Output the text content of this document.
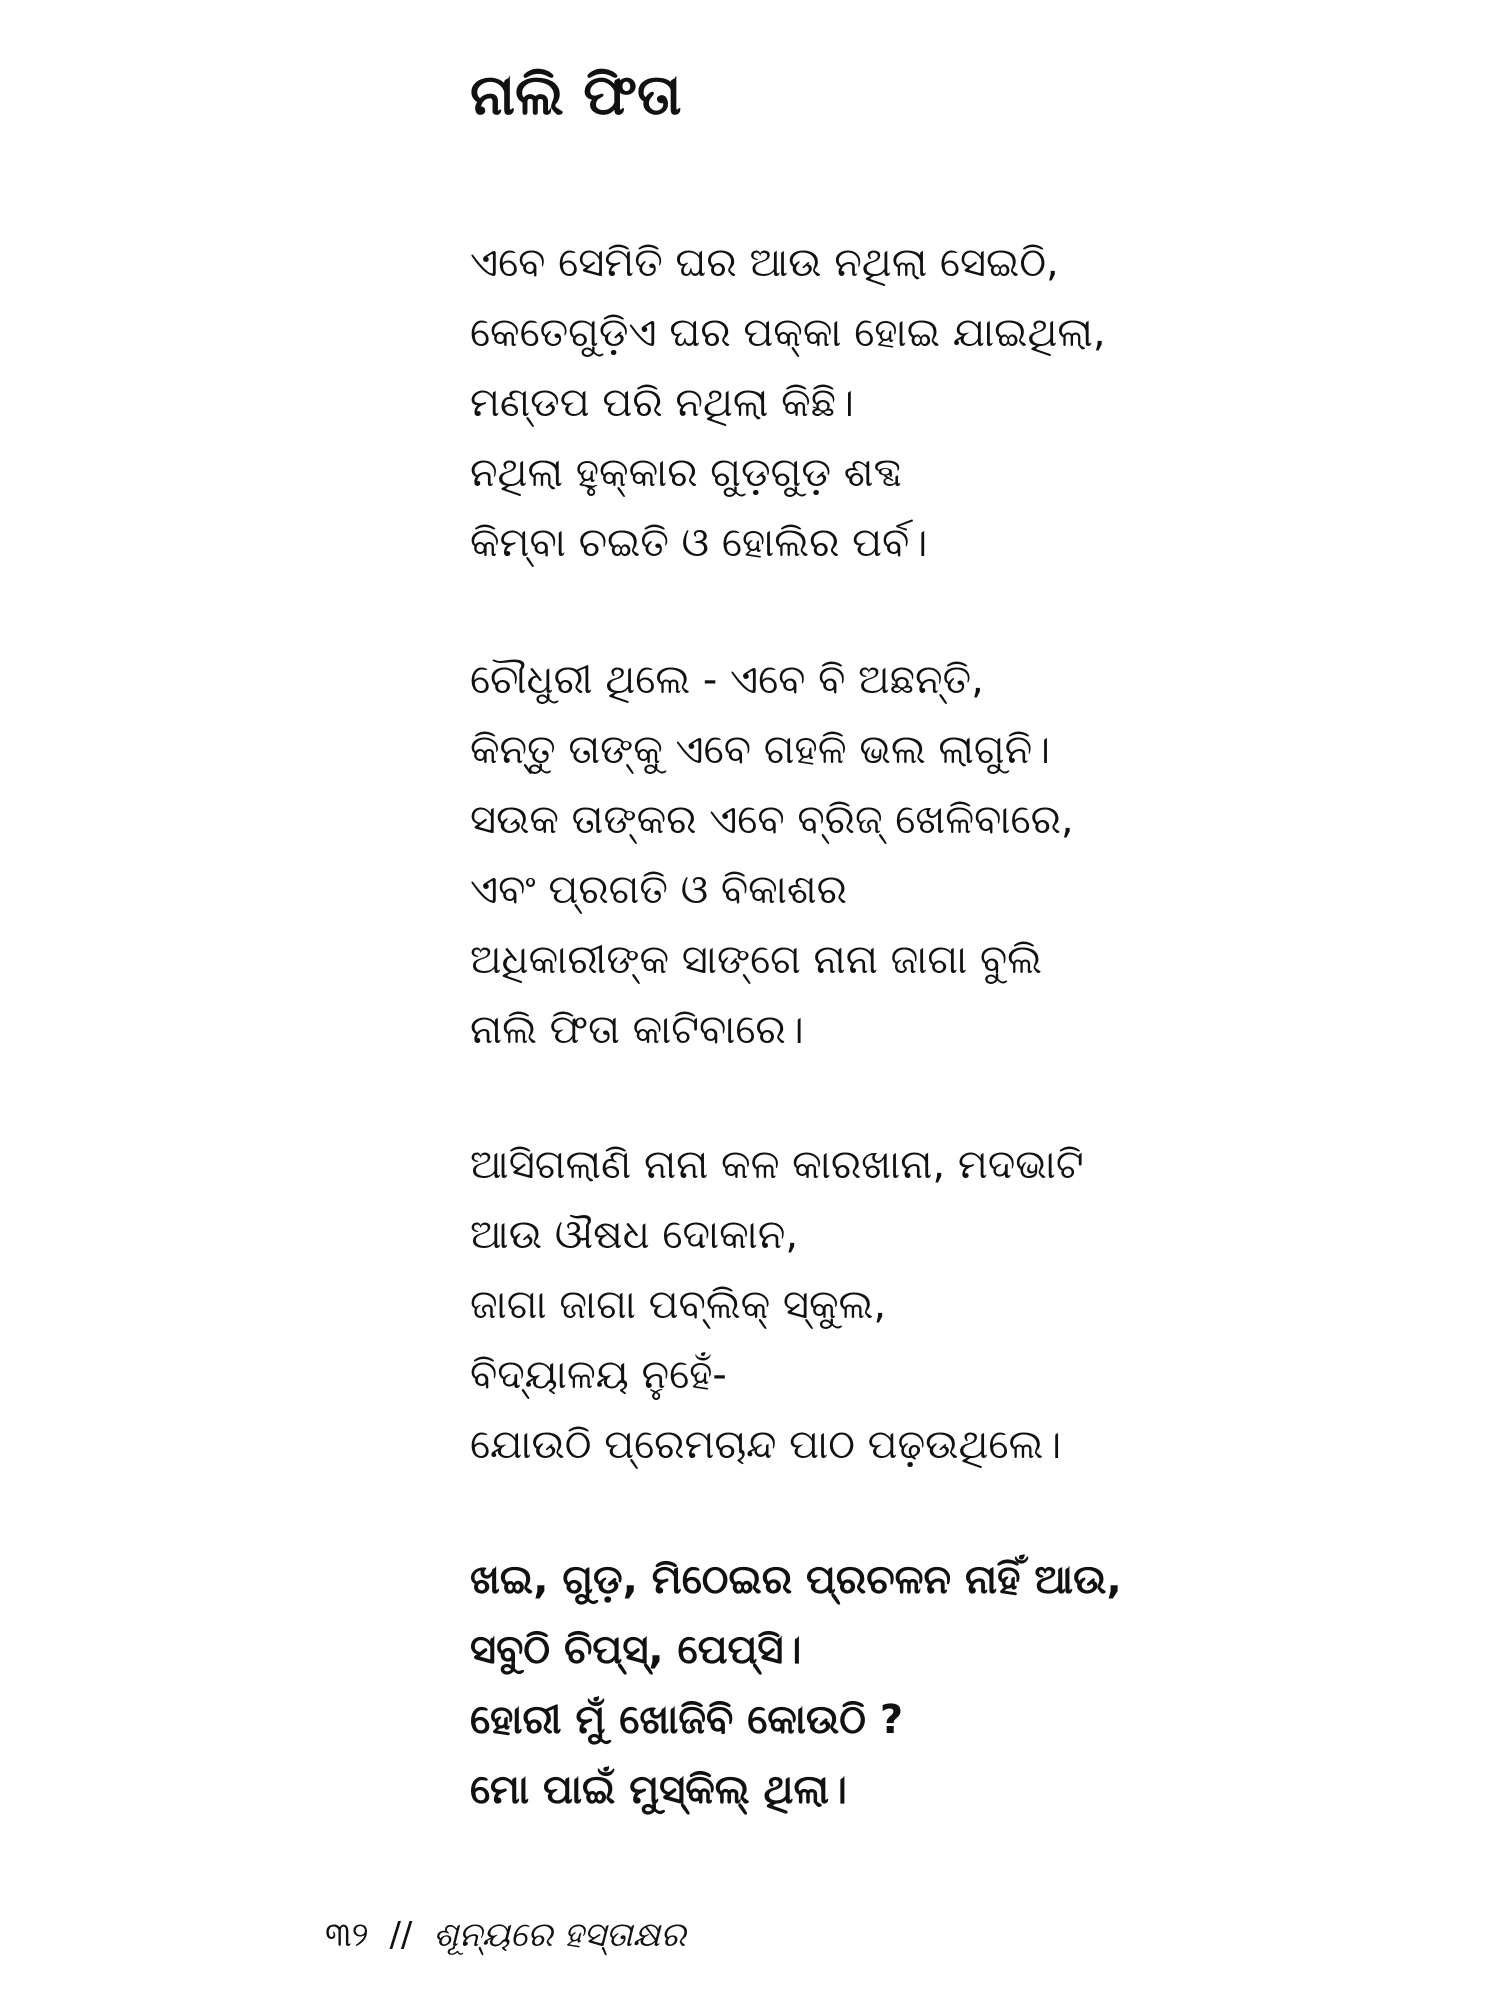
ନାଲି ଫିତା
ଏବେ ସେମିତି ଘର ଆଉ ନଥିଲା ସେଇଠି,
କେତେଗୁଡ଼ିଏ ଘର ପକ୍କା ହୋଇ ଯାଇଥିଲା,
ମଣ୍ଡପ ପରି ନଥିଲା କିଛି।
ନଥିଲା ହୁକ୍‌କାର ଗୁଡ଼ଗୁଡ଼ ଶବ୍ଦ
କିମ୍ବା ଚଇତି ଓ ହୋଲିର ପର୍ବ।
ଚୌଧୁରୀ ଥିଲେ - ଏବେ ବି ଅଛନ୍ତି,
କିନ୍ତୁ ତାଙ୍କୁ ଏବେ ଗହଳି ଭଲ ଲାଗୁନି।
ସଉକ ତାଙ୍କର ଏବେ ବ୍ରିଜ୍ ଖେଳିବାରେ,
ଏବଂ ପ୍ରଗତି ଓ ବିକାଶର
ଅଧିକାରୀଙ୍କ ସାଙ୍ଗେ ନାନା ଜାଗା ବୁଲି
ନାଲି ଫିତା କାଟିବାରେ।
ଆସିଗଲାଣି ନାନା କଳ କାରଖାନା, ମଦଭାଟି
ଆଉ ଔଷଧ ଦୋକାନ,
ଜାଗା ଜାଗା ପବ୍ଲିକ୍ ସ୍କୁଲ,
ବିଦ୍ୟାଳୟ ନୁହେଁ-
ଯୋଉଠି ପ୍ରେମଚାନ୍ଦ ପାଠ ପଢ଼ଉଥିଲେ।
ଖଇ, ଗୁଡ଼, ମିଠେଇର ପ୍ରଚଳନ ନାହିଁ ଆଉ,
ସବୁଠି ଚିପ୍‌ସ୍, ପେପ୍‌ସି।
ହୋରୀ ମୁଁ ଖୋଜିବି କୋଉଠି ?
ମୋ ପାଇଁ ମୁସ୍‌କିଲ୍ ଥିଲା।
୩୨ // ଶୂନ୍ୟରେ ହସ୍ତାକ୍ଷର
